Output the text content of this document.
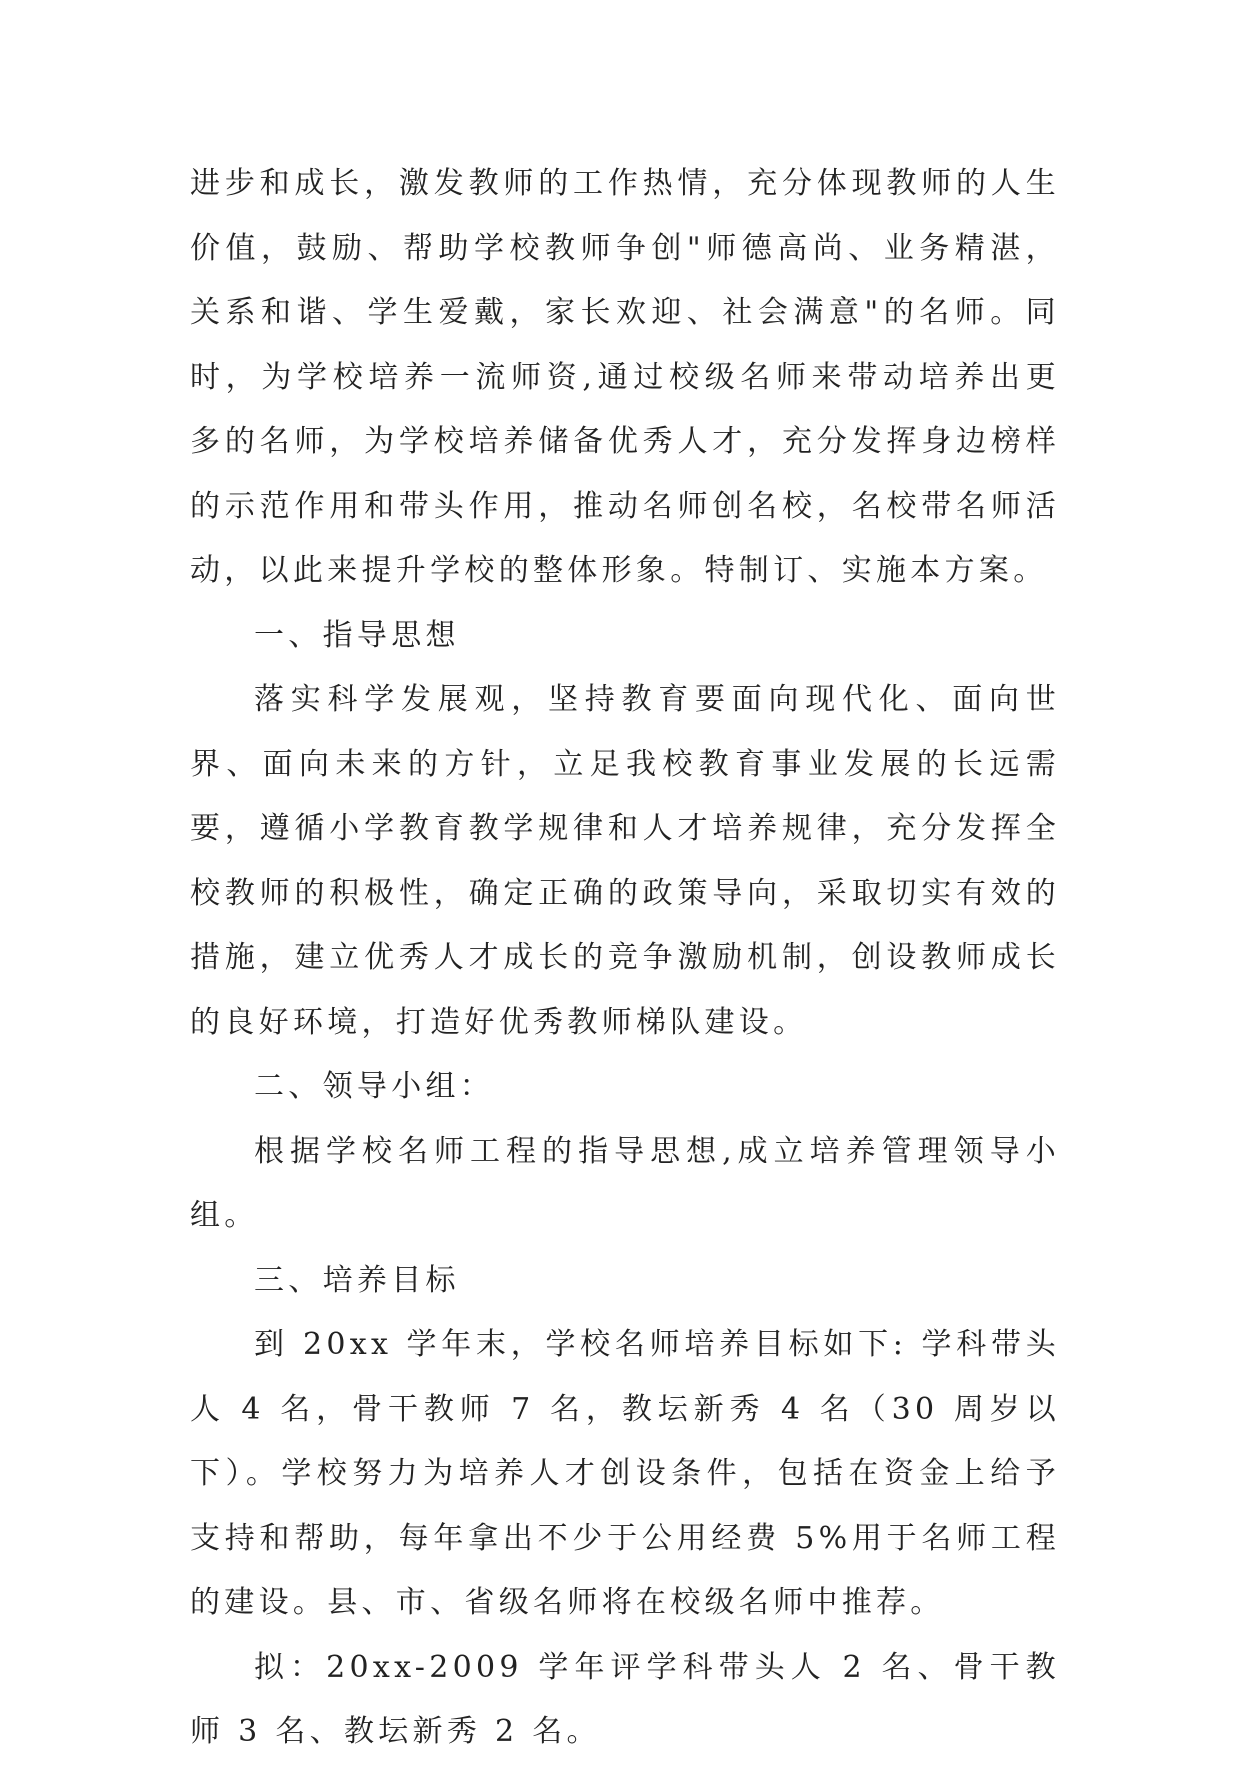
进步和成长，激发教师的工作热情，充分体现教师的人生价值，鼓励、帮助学校教师争创"师德高尚、业务精湛，关系和谐、学生爱戴，家长欢迎、社会满意"的名师。同时，为学校培养一流师资,通过校级名师来带动培养出更多的名师，为学校培养储备优秀人才，充分发挥身边榜样的示范作用和带头作用，推动名师创名校，名校带名师活动，以此来提升学校的整体形象。特制订、实施本方案。

一、指导思想

落实科学发展观，坚持教育要面向现代化、面向世界、面向未来的方针，立足我校教育事业发展的长远需要，遵循小学教育教学规律和人才培养规律，充分发挥全校教师的积极性，确定正确的政策导向，采取切实有效的措施，建立优秀人才成长的竞争激励机制，创设教师成长的良好环境，打造好优秀教师梯队建设。

二、领导小组：

根据学校名师工程的指导思想,成立培养管理领导小组。

三、培养目标

到 20xx 学年末，学校名师培养目标如下: 学科带头人 4 名，骨干教师 7 名，教坛新秀 4 名（30 周岁以下）。学校努力为培养人才创设条件，包括在资金上给予支持和帮助，每年拿出不少于公用经费 5%用于名师工程的建设。县、市、省级名师将在校级名师中推荐。

拟：20xx-2009 学年评学科带头人 2 名、骨干教师 3 名、教坛新秀 2 名。
